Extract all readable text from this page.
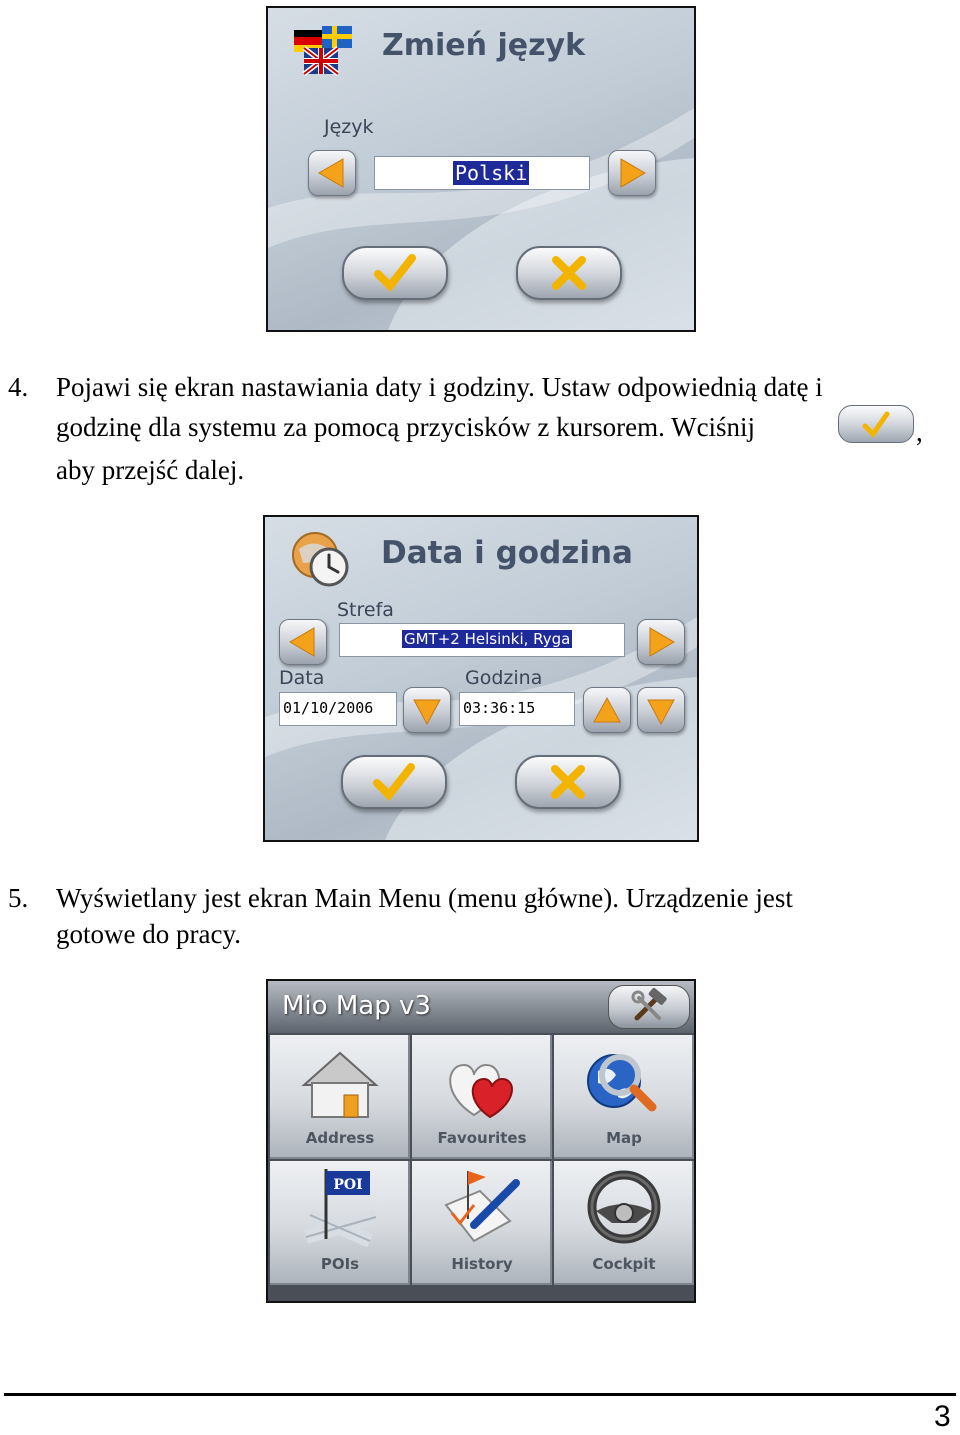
Zmień język
Język
Polski
4. Pojawi się ekran nastawiania daty i godziny. Ustaw odpowiednią datę i
godzinę dla systemu za pomocą przycisków z kursorem. Wciśnij	,
aby przejść dalej.
Data i godzina
Strefa
GMT+2 Helsinki, Ryga
Data	Godzina
01/10/2006	03:36:15
5. Wyświetlany jest ekran Main Menu (menu główne). Urządzenie jest
gotowe do pracy.
Mio Map v3
Address	Favourites	Map
POI
POIs	History	Cockpit
3
